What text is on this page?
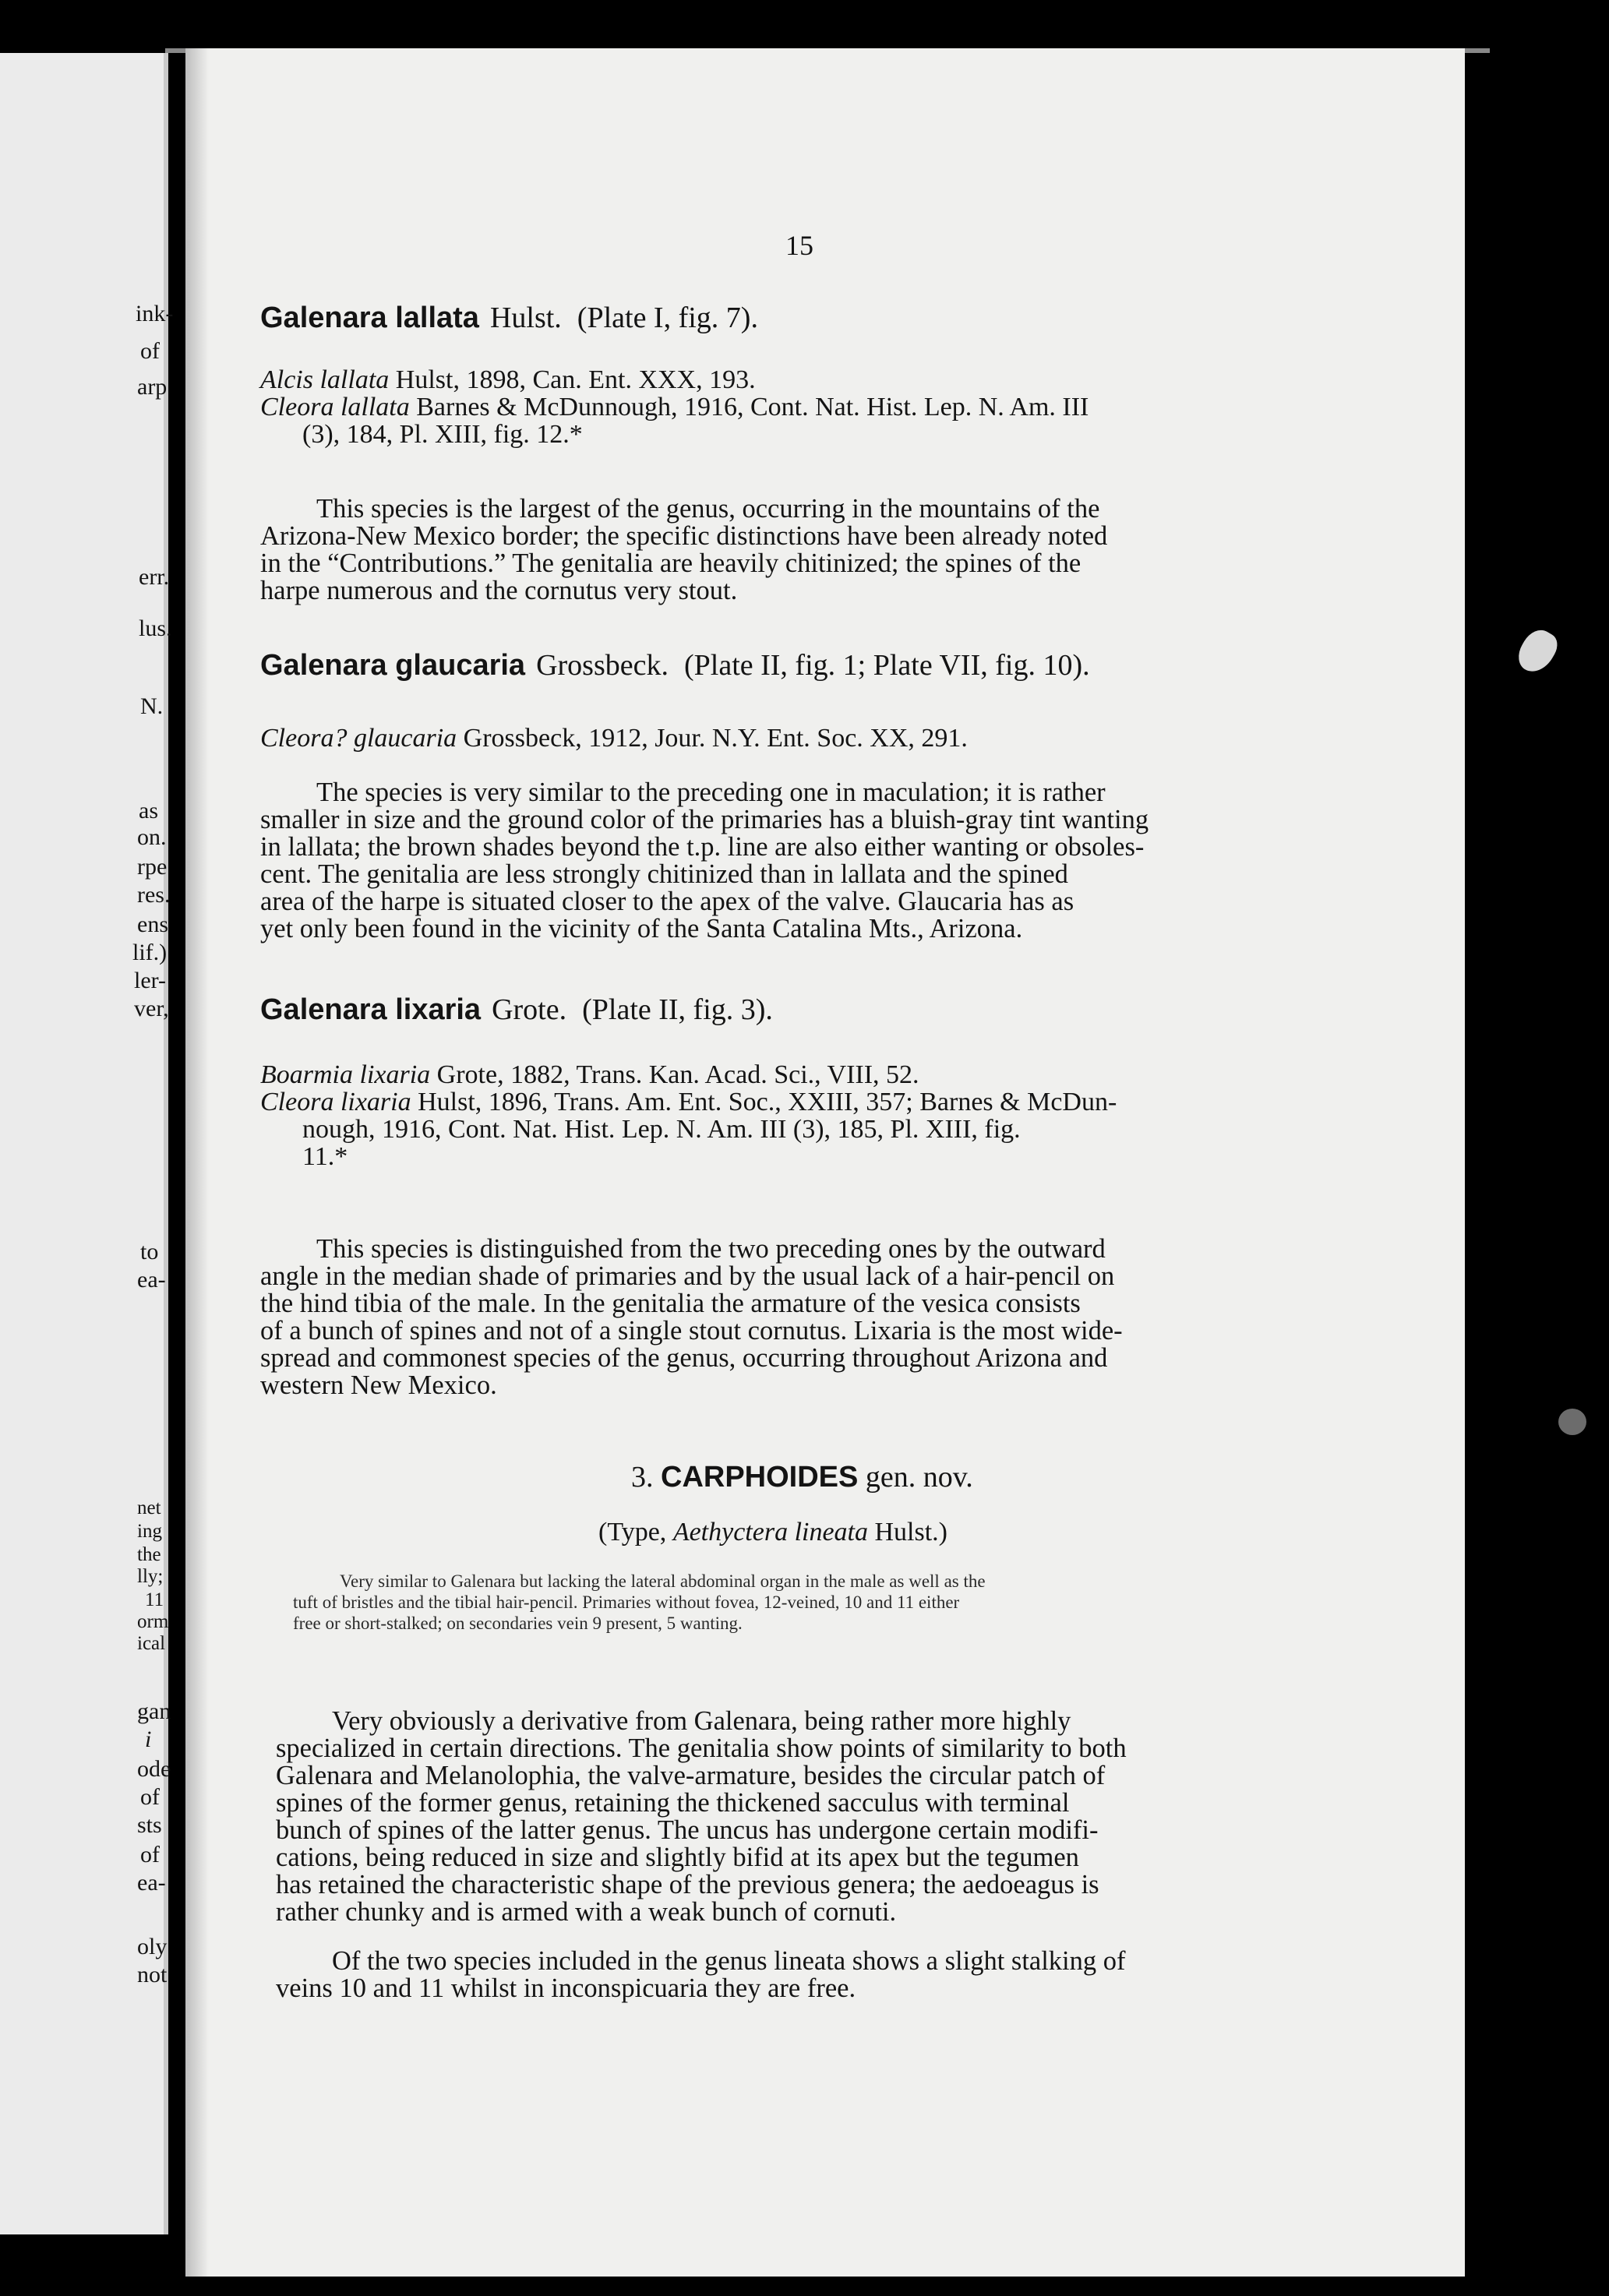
ink-
of
arp
err.
lus.
N.
as
on.
rpe
res.
ens
lif.)
ler-
ver,
to
ea-
net
ing
the
lly;
11
orm
ical
gan
i
ode
of
sts
of
ea-
oly
not
15
Galenara lallata Hulst. (Plate I, fig. 7).
Alcis lallata Hulst, 1898, Can. Ent. XXX, 193.
Cleora lallata Barnes & McDunnough, 1916, Cont. Nat. Hist. Lep. N. Am. III
(3), 184, Pl. XIII, fig. 12.*
This species is the largest of the genus, occurring in the mountains of the
Arizona-New Mexico border; the specific distinctions have been already noted
in the “Contributions.” The genitalia are heavily chitinized; the spines of the
harpe numerous and the cornutus very stout.
Galenara glaucaria Grossbeck. (Plate II, fig. 1; Plate VII, fig. 10).
Cleora? glaucaria Grossbeck, 1912, Jour. N.Y. Ent. Soc. XX, 291.
The species is very similar to the preceding one in maculation; it is rather
smaller in size and the ground color of the primaries has a bluish-gray tint wanting
in lallata; the brown shades beyond the t.p. line are also either wanting or obsoles-
cent. The genitalia are less strongly chitinized than in lallata and the spined
area of the harpe is situated closer to the apex of the valve. Glaucaria has as
yet only been found in the vicinity of the Santa Catalina Mts., Arizona.
Galenara lixaria Grote. (Plate II, fig. 3).
Boarmia lixaria Grote, 1882, Trans. Kan. Acad. Sci., VIII, 52.
Cleora lixaria Hulst, 1896, Trans. Am. Ent. Soc., XXIII, 357; Barnes & McDun-
nough, 1916, Cont. Nat. Hist. Lep. N. Am. III (3), 185, Pl. XIII, fig.
11.*
This species is distinguished from the two preceding ones by the outward
angle in the median shade of primaries and by the usual lack of a hair-pencil on
the hind tibia of the male. In the genitalia the armature of the vesica consists
of a bunch of spines and not of a single stout cornutus. Lixaria is the most wide-
spread and commonest species of the genus, occurring throughout Arizona and
western New Mexico.
3. CARPHOIDES gen. nov.
(Type, Aethyctera lineata Hulst.)
Very similar to Galenara but lacking the lateral abdominal organ in the male as well as the
tuft of bristles and the tibial hair-pencil. Primaries without fovea, 12-veined, 10 and 11 either
free or short-stalked; on secondaries vein 9 present, 5 wanting.
Very obviously a derivative from Galenara, being rather more highly
specialized in certain directions. The genitalia show points of similarity to both
Galenara and Melanolophia, the valve-armature, besides the circular patch of
spines of the former genus, retaining the thickened sacculus with terminal
bunch of spines of the latter genus. The uncus has undergone certain modifi-
cations, being reduced in size and slightly bifid at its apex but the tegumen
has retained the characteristic shape of the previous genera; the aedoeagus is
rather chunky and is armed with a weak bunch of cornuti.
Of the two species included in the genus lineata shows a slight stalking of
veins 10 and 11 whilst in inconspicuaria they are free.
